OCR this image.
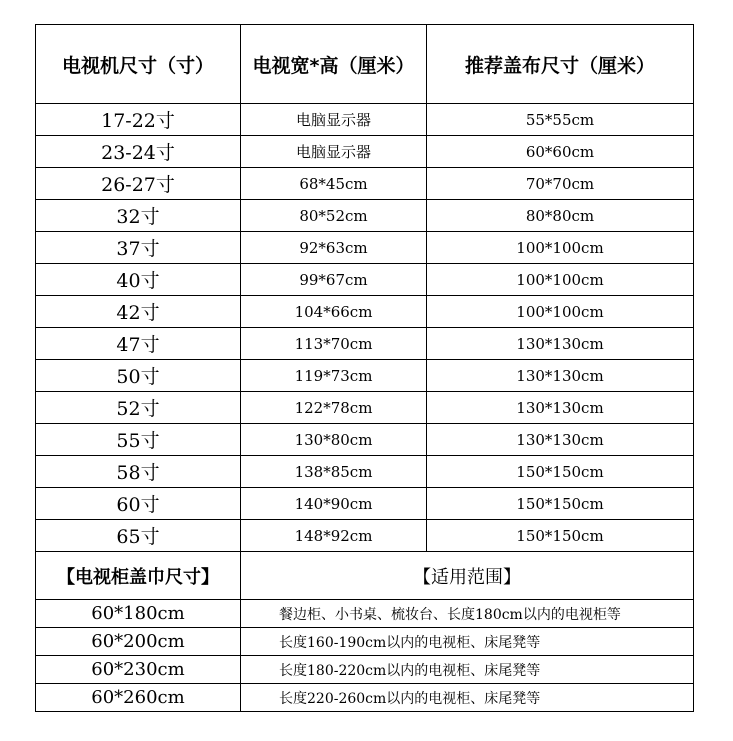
电视机尺寸（寸）	电视宽*高（厘米）	推荐盖布尺寸（厘米）
17-22寸	电脑显示器	55*55cm
23-24寸	电脑显示器	60*60cm
26-27寸	68*45cm	70*70cm
32寸	80*52cm	80*80cm
37寸	92*63cm	100*100cm
40寸	99*67cm	100*100cm
42寸	104*66cm	100*100cm
47寸	113*70cm	130*130cm
50寸	119*73cm	130*130cm
52寸	122*78cm	130*130cm
55寸	130*80cm	130*130cm
58寸	138*85cm	150*150cm
60寸	140*90cm	150*150cm
65寸	148*92cm	150*150cm
【电视柜盖巾尺寸】	【适用范围】	
60*180cm	餐边柜、小书桌、梳妆台、长度180cm以内的电视柜等	
60*200cm	长度160-190cm以内的电视柜、床尾凳等	
60*230cm	长度180-220cm以内的电视柜、床尾凳等	
60*260cm	长度220-260cm以内的电视柜、床尾凳等	
